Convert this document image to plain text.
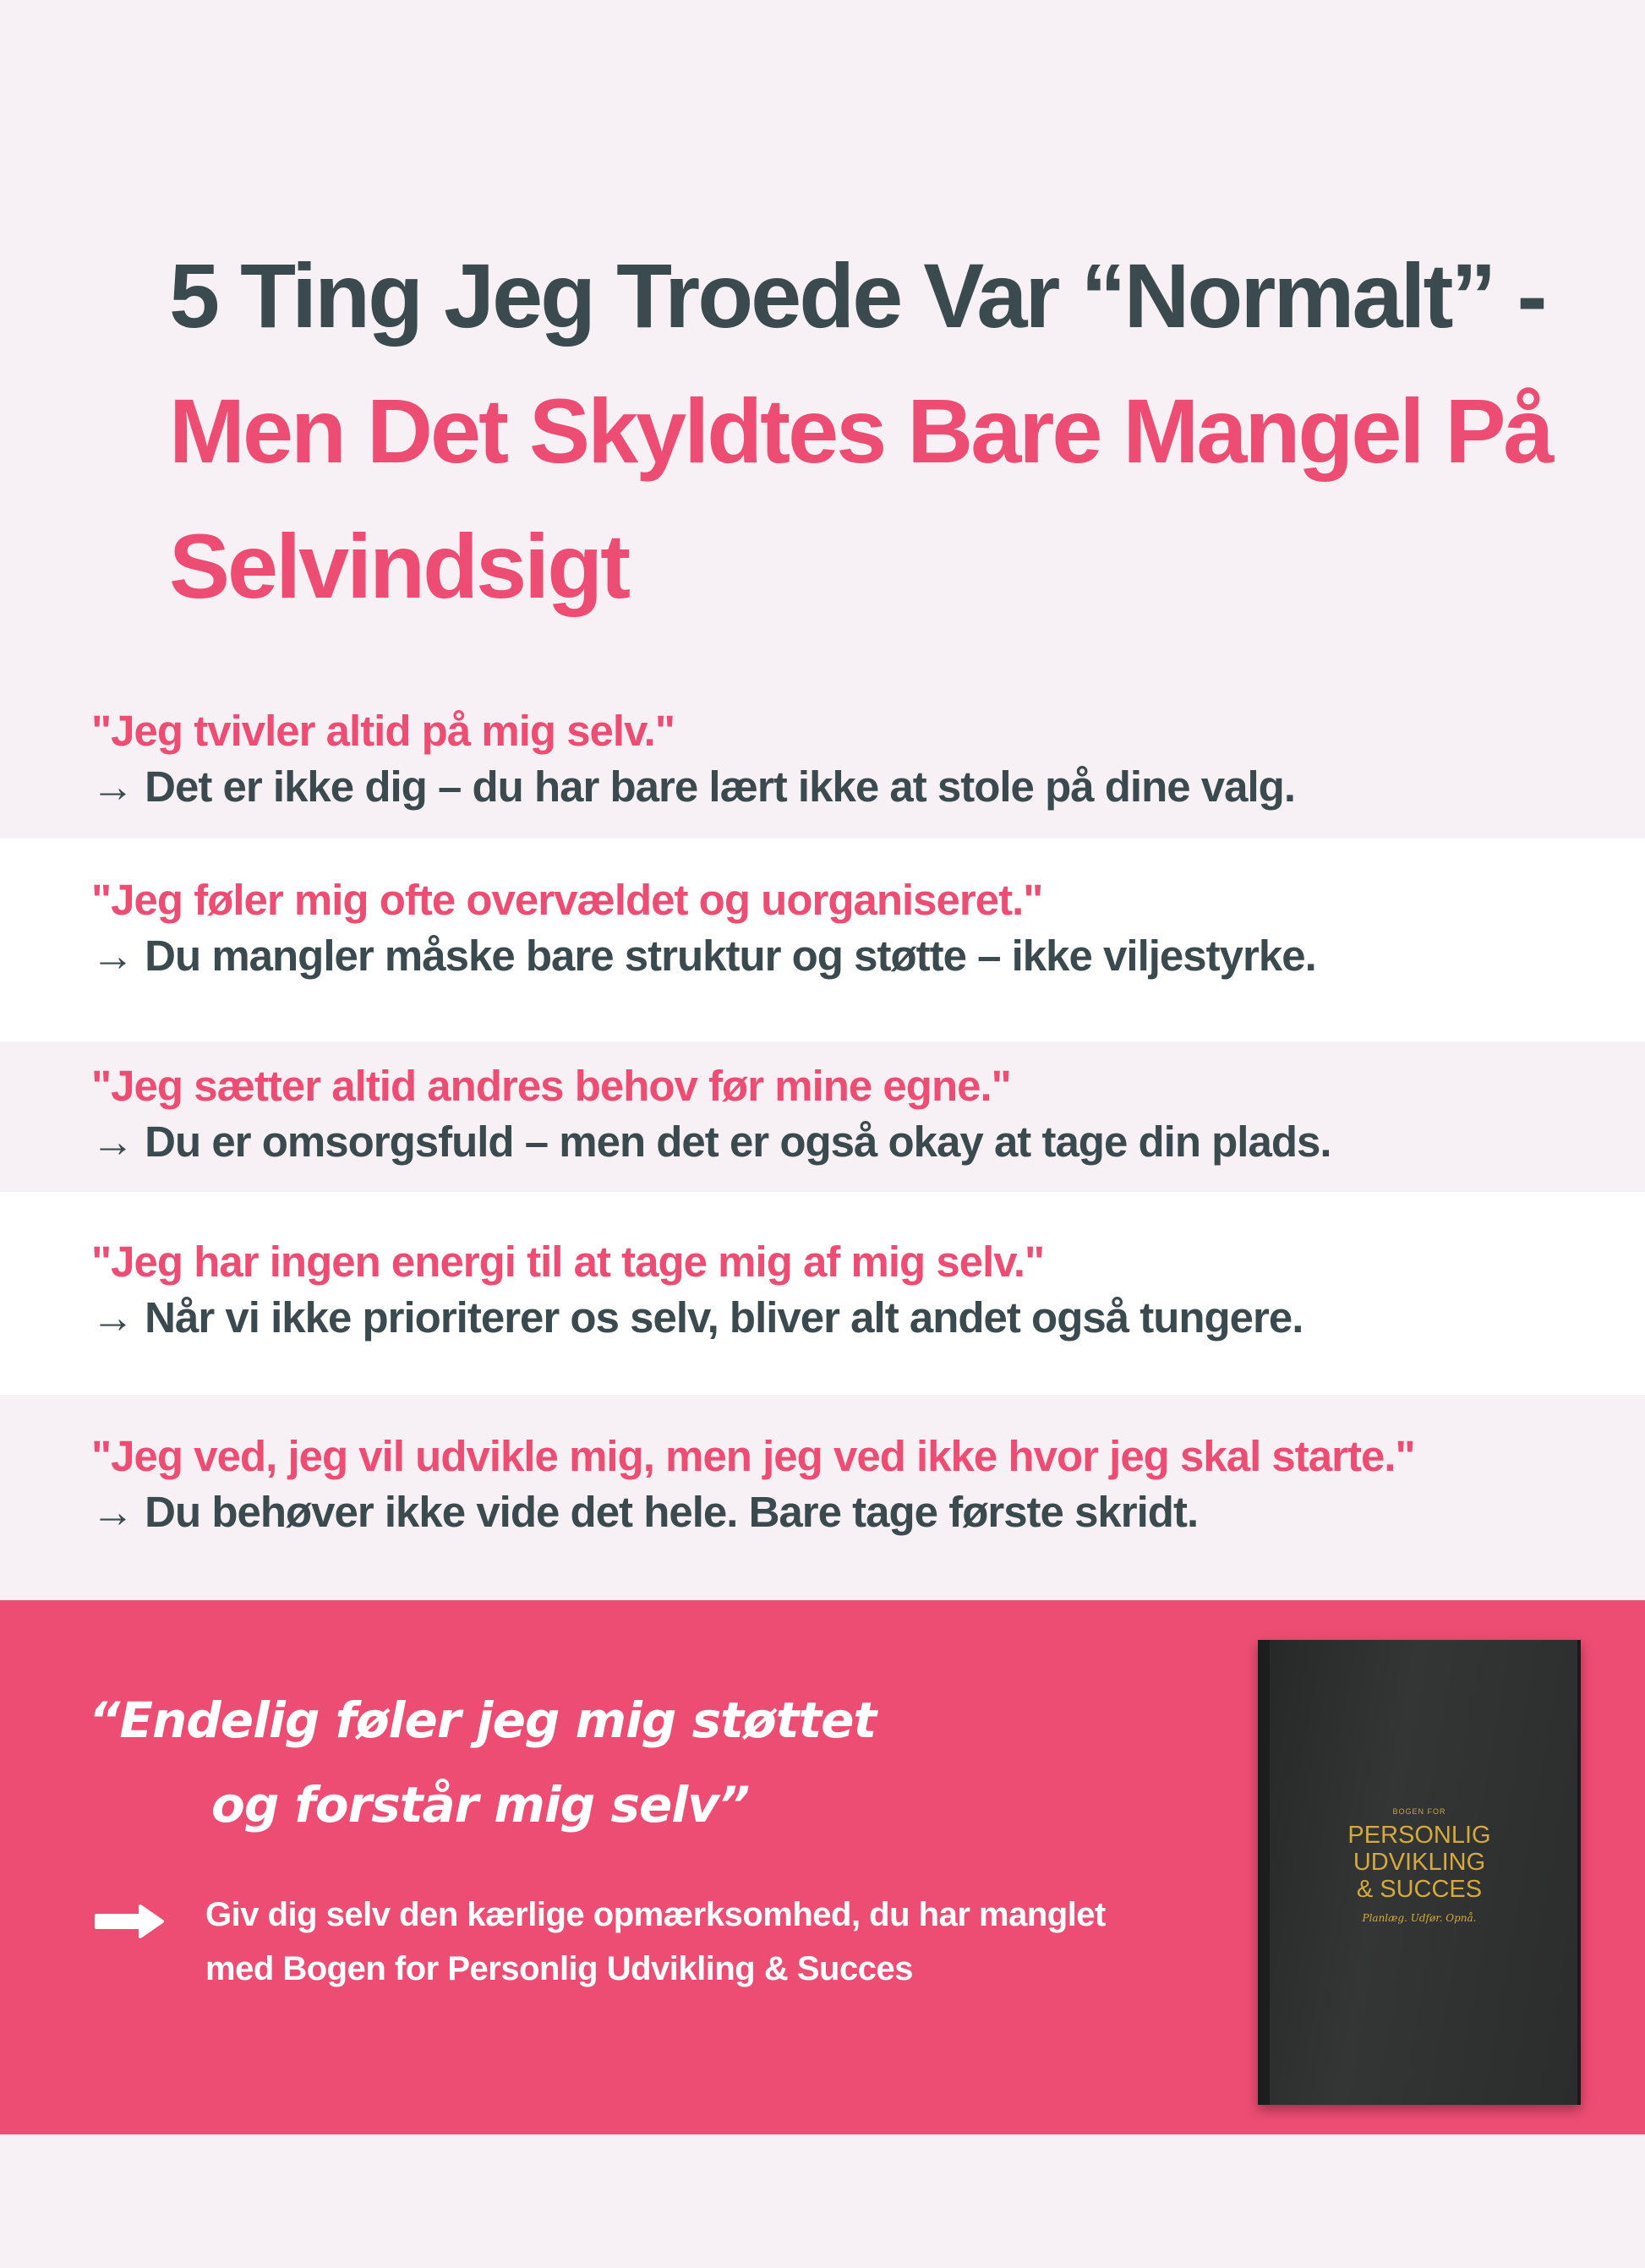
5 Ting Jeg Troede Var “Normalt” - Men Det Skyldtes Bare Mangel På Selvindsigt
"Jeg tvivler altid på mig selv."
→ Det er ikke dig – du har bare lært ikke at stole på dine valg.
"Jeg føler mig ofte overvældet og uorganiseret."
→ Du mangler måske bare struktur og støtte – ikke viljestyrke.
"Jeg sætter altid andres behov før mine egne."
→ Du er omsorgsfuld – men det er også okay at tage din plads.
"Jeg har ingen energi til at tage mig af mig selv."
→ Når vi ikke prioriterer os selv, bliver alt andet også tungere.
"Jeg ved, jeg vil udvikle mig, men jeg ved ikke hvor jeg skal starte."
→ Du behøver ikke vide det hele. Bare tage første skridt.

“Endelig føler jeg mig støttet
og forstår mig selv”

Giv dig selv den kærlige opmærksomhed, du har manglet
med Bogen for Personlig Udvikling & Succes
BOGEN FOR
PERSONLIG
UDVIKLING
& SUCCES
Planlæg. Udfør. Opnå.
